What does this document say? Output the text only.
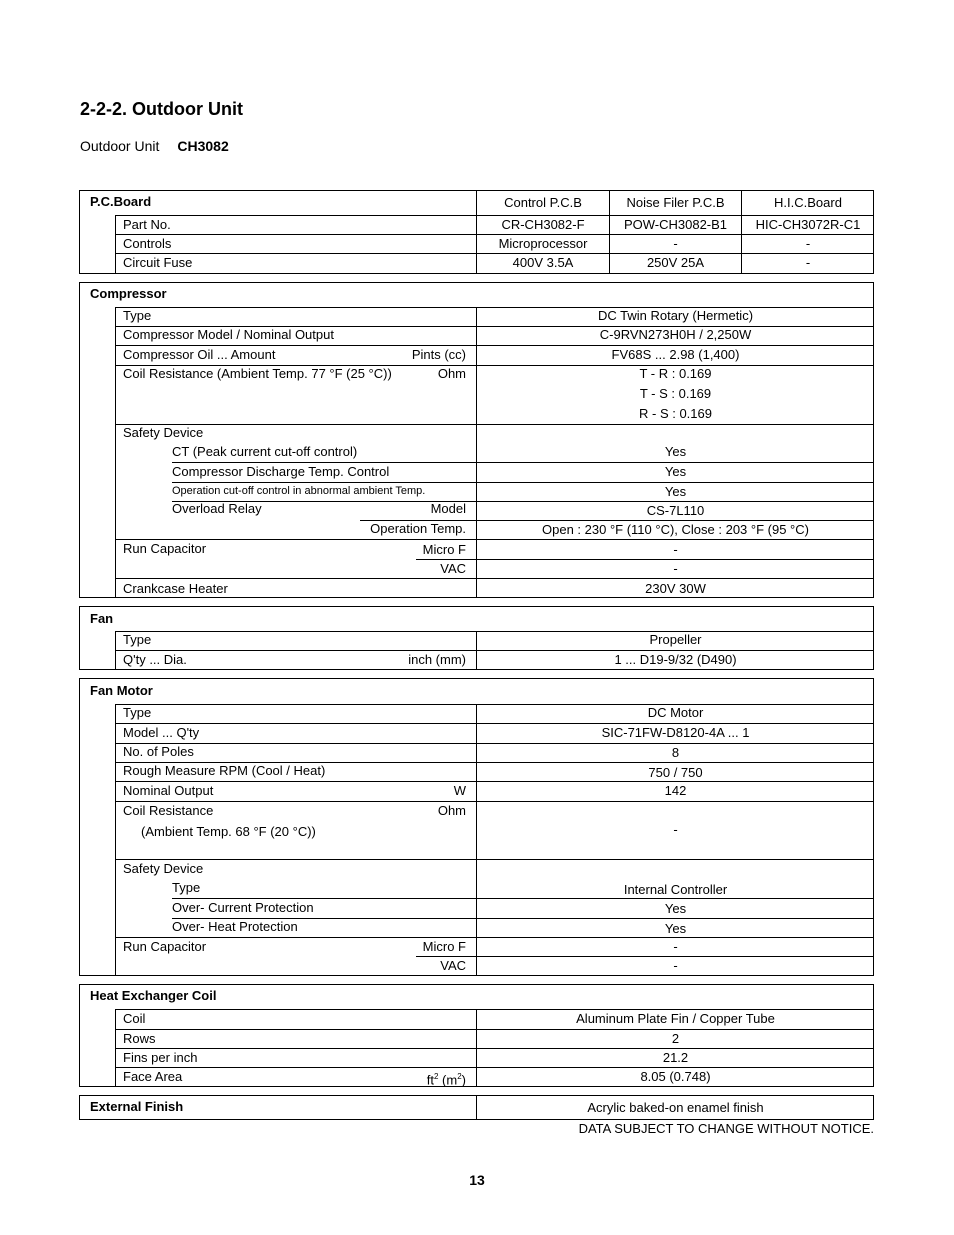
2-2-2. Outdoor Unit
Outdoor Unit CH3082
P.C.Board	Control P.C.B	Noise Filer P.C.B	H.I.C.Board
Part No.	CR-CH3082-F	POW-CH3082-B1	HIC-CH3072R-C1
Controls	Microprocessor	-	-
Circuit Fuse	400V 3.5A	250V 25A	-
Compressor
Type	DC Twin Rotary (Hermetic)
Compressor Model / Nominal Output	C-9RVN273H0H / 2,250W
Compressor Oil ... Amount	Pints (cc)	FV68S ... 2.98 (1,400)
Coil Resistance (Ambient Temp. 77 °F (25 °C))	Ohm	T - R : 0.169
T - S : 0.169
R - S : 0.169
Safety Device
CT (Peak current cut-off control)	Yes
Compressor Discharge Temp. Control	Yes
Operation cut-off control in abnormal ambient Temp.	Yes
Overload Relay	Model	CS-7L110
Operation Temp.	Open : 230 °F (110 °C), Close : 203 °F (95 °C)
Run Capacitor	Micro F	-
VAC	-
Crankcase Heater	230V 30W
Fan
Type	Propeller
Q'ty ... Dia.	inch (mm)	1 ... D19-9/32 (D490)
Fan Motor
Type	DC Motor
Model ... Q'ty	SIC-71FW-D8120-4A ... 1
No. of Poles	8
Rough Measure RPM (Cool / Heat)	750 / 750
Nominal Output	W	142
Coil Resistance	Ohm
(Ambient Temp. 68 °F (20 °C))	-
Safety Device
Type	Internal Controller
Over- Current Protection	Yes
Over- Heat Protection	Yes
Run Capacitor	Micro F	-
VAC	-
Heat Exchanger Coil
Coil	Aluminum Plate Fin / Copper Tube
Rows	2
Fins per inch	21.2
Face Area	$ft^2$ $(m^2)$	8.05 (0.748)
External Finish	Acrylic baked-on enamel finish
DATA SUBJECT TO CHANGE WITHOUT NOTICE.
13
